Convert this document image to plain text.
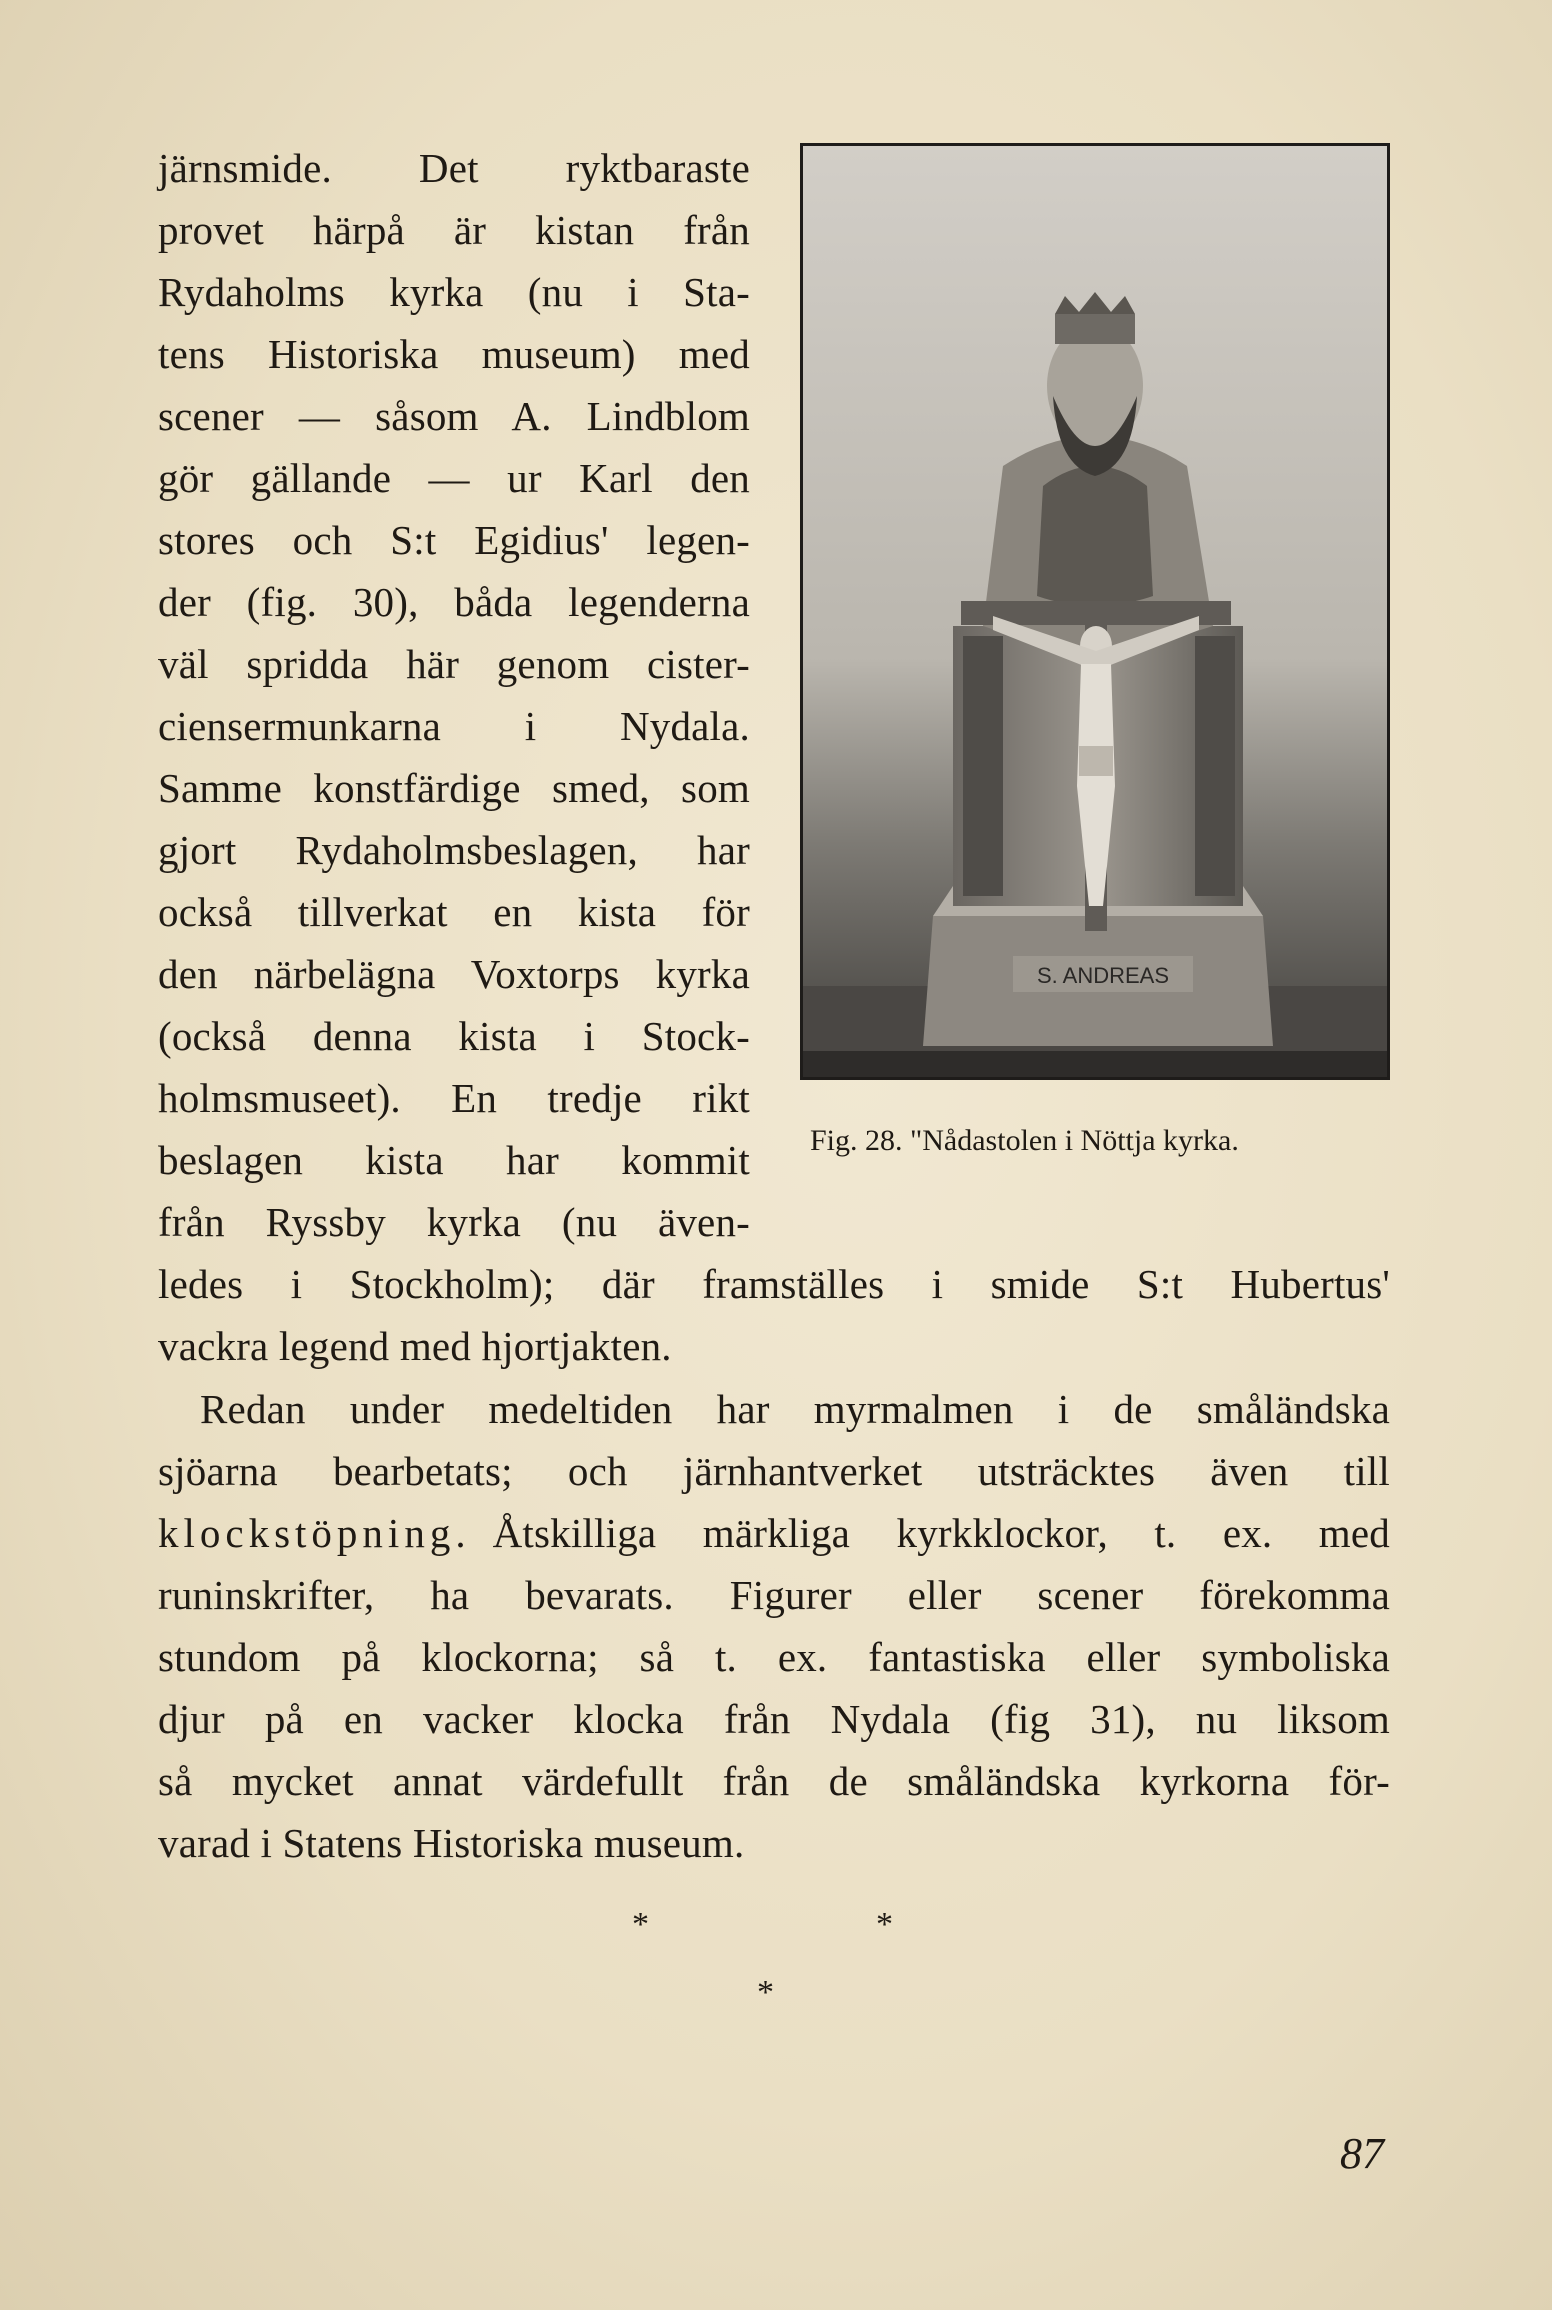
järnsmide. Det ryktbaraste
provet härpå är kistan från
Rydaholms kyrka (nu i Sta-
tens Historiska museum) med
scener — såsom A. Lindblom
gör gällande — ur Karl den
stores och S:t Egidius' legen-
der (fig. 30), båda legenderna
väl spridda här genom cister-
ciensermunkarna i Nydala.
Samme konstfärdige smed, som
gjort Rydaholmsbeslagen, har
också tillverkat en kista för
den närbelägna Voxtorps kyrka
(också denna kista i Stock-
holmsmuseet). En tredje rikt
beslagen kista har kommit
från Ryssby kyrka (nu även-
S. ANDREAS
Fig. 28. "Nådastolen i Nöttja kyrka.
ledes i Stockholm); där framställes i smide S:t Hubertus'
vackra legend med hjortjakten.
Redan under medeltiden har myrmalmen i de småländska
sjöarna bearbetats; och järnhantverket utsträcktes även till
klockstöpning. Åtskilliga märkliga kyrkklockor, t. ex. med
runinskrifter, ha bevarats. Figurer eller scener förekomma
stundom på klockorna; så t. ex. fantastiska eller symboliska
djur på en vacker klocka från Nydala (fig 31), nu liksom
så mycket annat värdefullt från de småländska kyrkorna för-
varad i Statens Historiska museum.
*	*
*
87
